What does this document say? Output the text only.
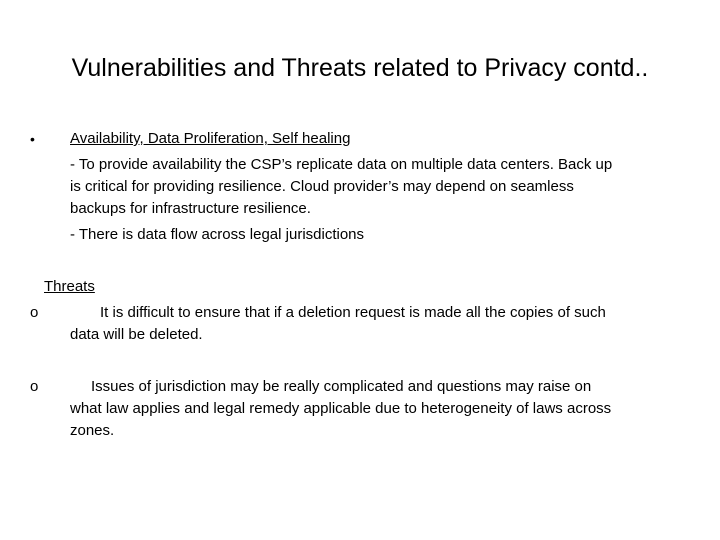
Vulnerabilities and Threats related to Privacy contd..
• Availability, Data Proliferation, Self healing
- To provide availability the CSP’s replicate data on multiple data centers. Back up
is critical for providing resilience. Cloud provider’s may depend on seamless
backups for infrastructure resilience.
- There is data flow across legal jurisdictions
Threats
o	It is difficult to ensure that if a deletion request is made all the copies of such
data will be deleted.
o	Issues of jurisdiction may be really complicated and questions may raise on
what law applies and legal remedy applicable due to heterogeneity of laws across
zones.
